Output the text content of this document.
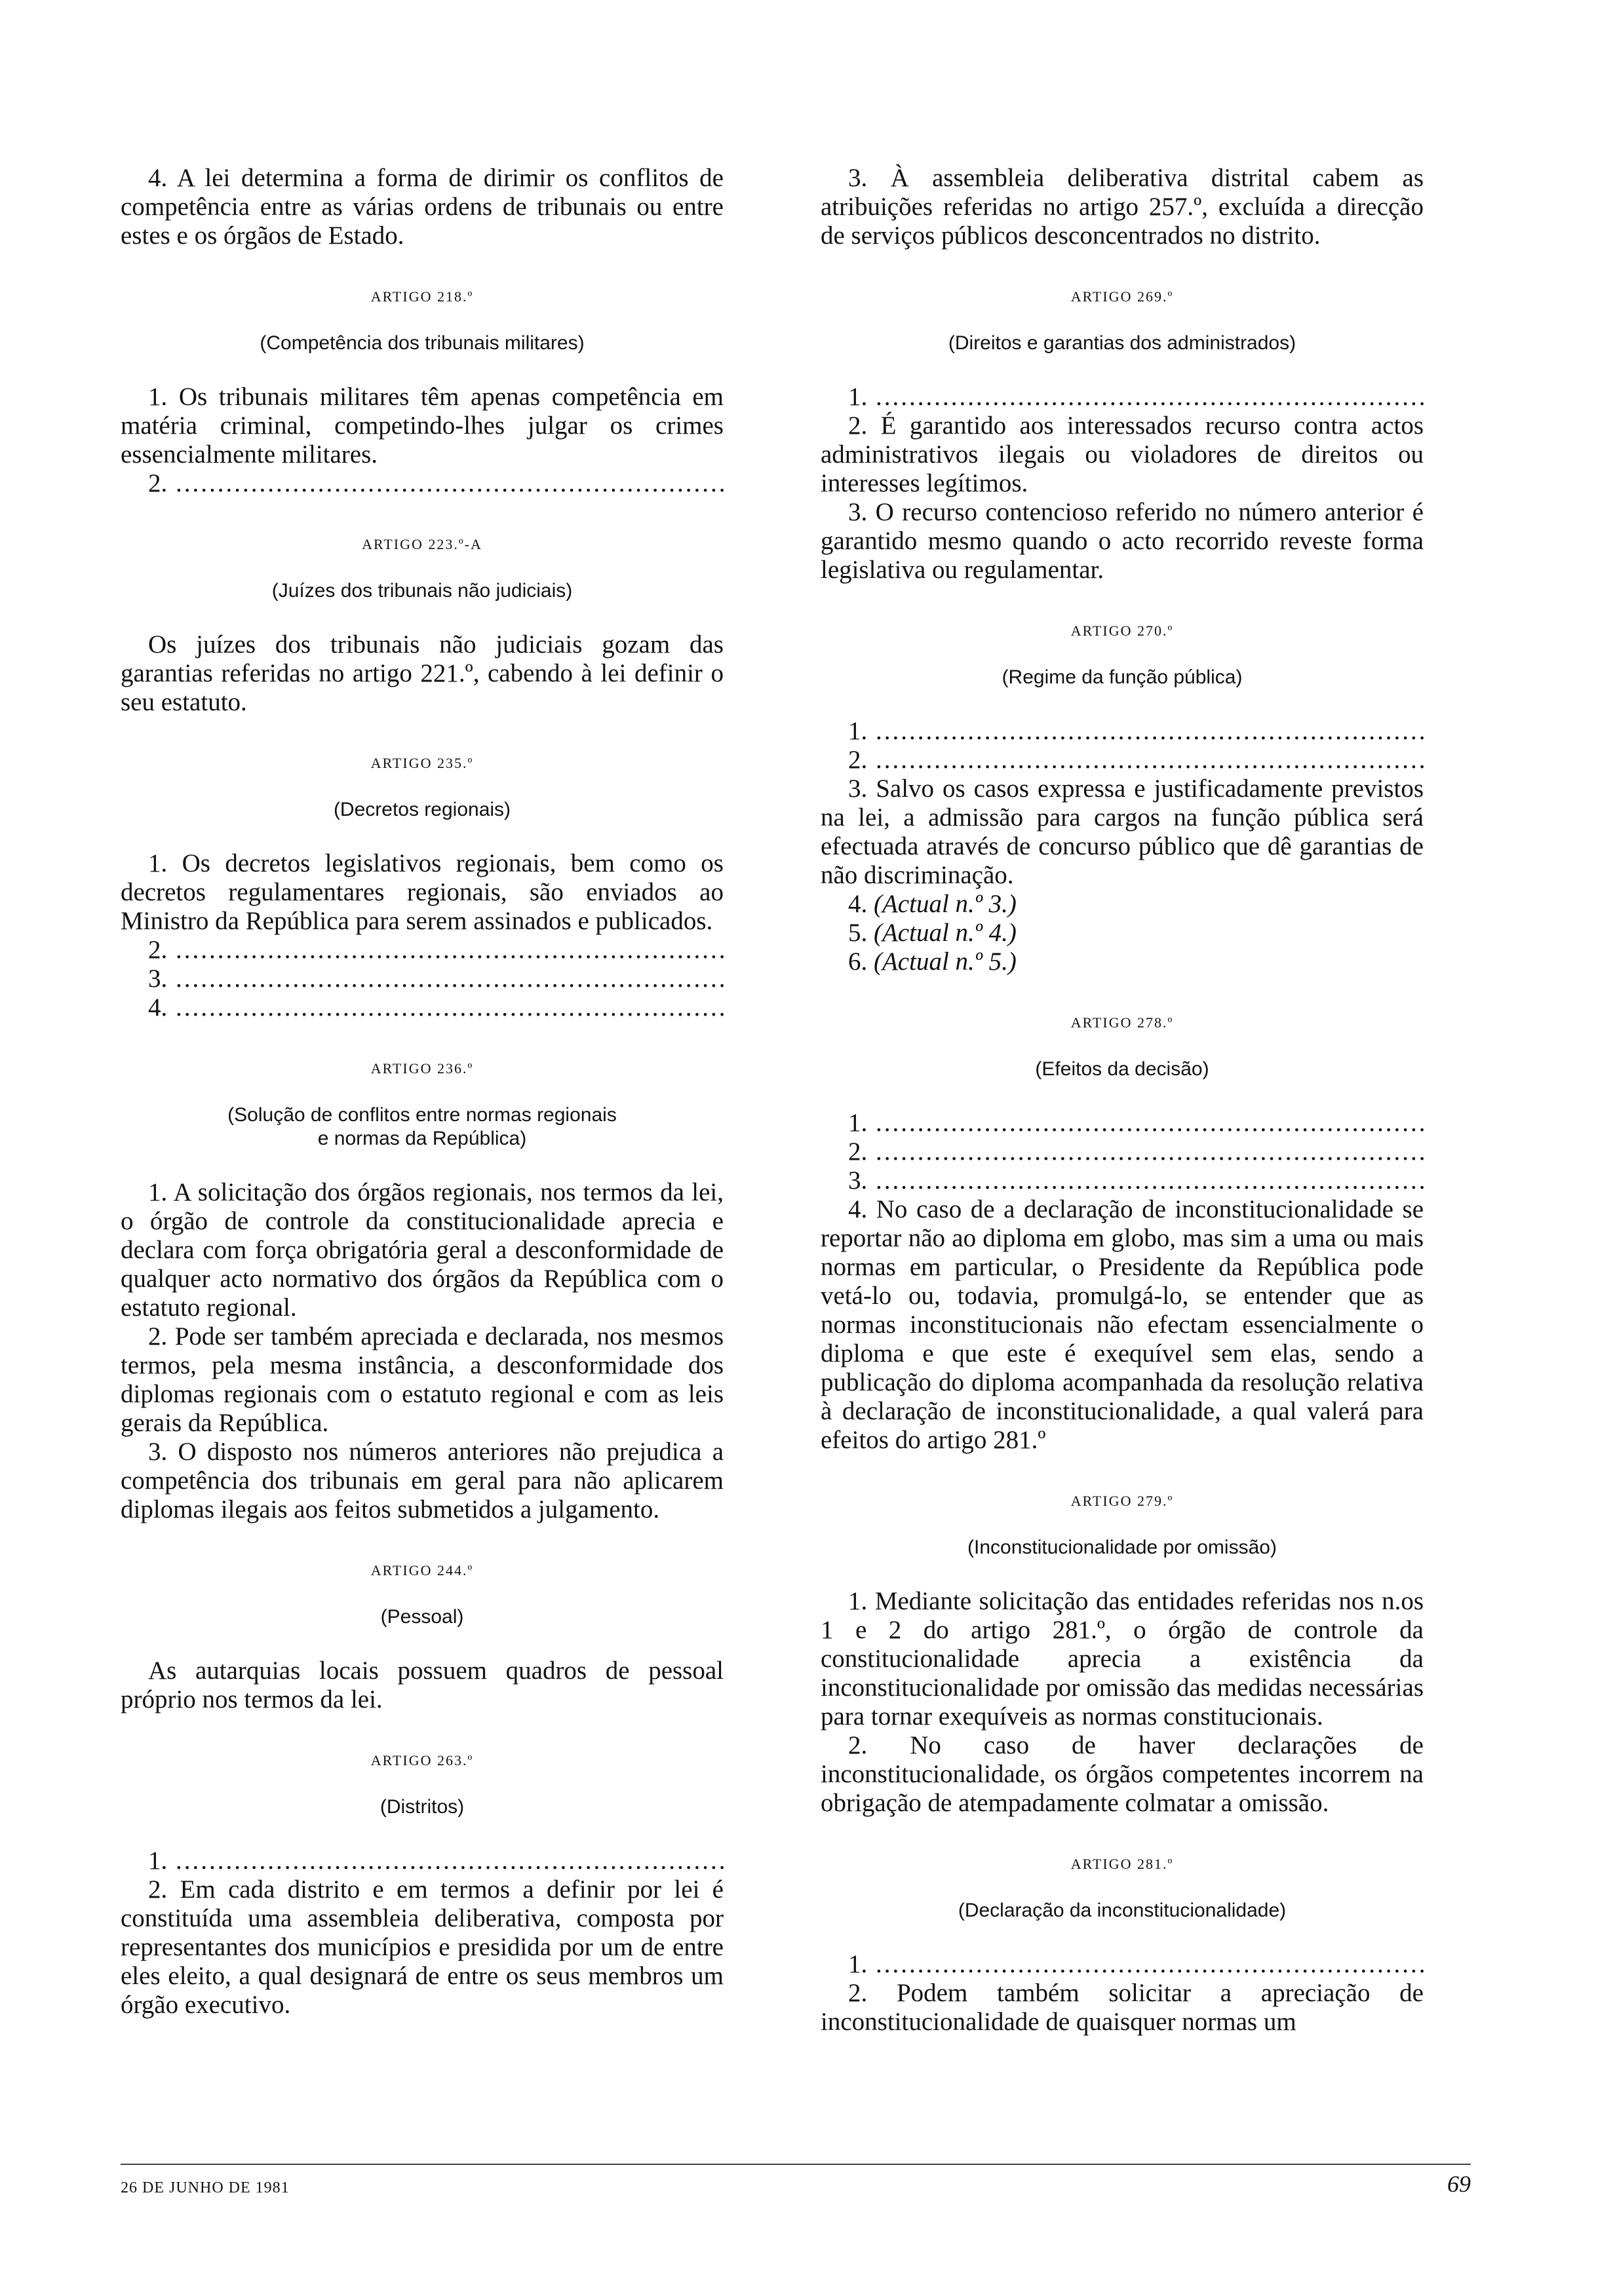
4. A lei determina a forma de dirimir os conflitos de competência entre as várias ordens de tribunais ou entre estes e os órgãos de Estado.

ARTIGO 218.º
(Competência dos tribunais militares)

1. Os tribunais militares têm apenas competência em matéria criminal, competindo-lhes julgar os crimes essencialmente militares.

2. .....

ARTIGO 223.º-A
(Juízes dos tribunais não judiciais)

Os juízes dos tribunais não judiciais gozam das garantias referidas no artigo 221.º, cabendo à lei definir o seu estatuto.

ARTIGO 235.º
(Decretos regionais)

1. Os decretos legislativos regionais, bem como os decretos regulamentares regionais, são enviados ao Ministro da República para serem assinados e publicados.

2. .....

3. .....

4. .....

ARTIGO 236.º
(Solução de conflitos entre normas regionais
e normas da República)

1. A solicitação dos órgãos regionais, nos termos da lei, o órgão de controle da constitucionalidade aprecia e declara com força obrigatória geral a desconformidade de qualquer acto normativo dos órgãos da República com o estatuto regional.

2. Pode ser também apreciada e declarada, nos mesmos termos, pela mesma instância, a desconformidade dos diplomas regionais com o estatuto regional e com as leis gerais da República.

3. O disposto nos números anteriores não prejudica a competência dos tribunais em geral para não aplicarem diplomas ilegais aos feitos submetidos a julgamento.

ARTIGO 244.º
(Pessoal)

As autarquias locais possuem quadros de pessoal próprio nos termos da lei.

ARTIGO 263.º
(Distritos)

1. .....

2. Em cada distrito e em termos a definir por lei é constituída uma assembleia deliberativa, composta por representantes dos municípios e presidida por um de entre eles eleito, a qual designará de entre os seus membros um órgão executivo.

3. À assembleia deliberativa distrital cabem as atribuições referidas no artigo 257.º, excluída a direcção de serviços públicos desconcentrados no distrito.

ARTIGO 269.º
(Direitos e garantias dos administrados)

1. .....

2. É garantido aos interessados recurso contra actos administrativos ilegais ou violadores de direitos ou interesses legítimos.

3. O recurso contencioso referido no número anterior é garantido mesmo quando o acto recorrido reveste forma legislativa ou regulamentar.

ARTIGO 270.º
(Regime da função pública)

1. .....

2. .....

3. Salvo os casos expressa e justificadamente previstos na lei, a admissão para cargos na função pública será efectuada através de concurso público que dê garantias de não discriminação.

4. (Actual n.º 3.)

5. (Actual n.º 4.)

6. (Actual n.º 5.)

ARTIGO 278.º
(Efeitos da decisão)

1. .....

2. .....

3. .....

4. No caso de a declaração de inconstitucionalidade se reportar não ao diploma em globo, mas sim a uma ou mais normas em particular, o Presidente da República pode vetá-lo ou, todavia, promulgá-lo, se entender que as normas inconstitucionais não efectam essencialmente o diploma e que este é exequível sem elas, sendo a publicação do diploma acompanhada da resolução relativa à declaração de inconstitucionalidade, a qual valerá para efeitos do artigo 281.º

ARTIGO 279.º
(Inconstitucionalidade por omissão)

1. Mediante solicitação das entidades referidas nos n.os 1 e 2 do artigo 281.º, o órgão de controle da constitucionalidade aprecia a existência da inconstitucionalidade por omissão das medidas necessárias para tornar exequíveis as normas constitucionais.

2. No caso de haver declarações de inconstitucionalidade, os órgãos competentes incorrem na obrigação de atempadamente colmatar a omissão.

ARTIGO 281.º
(Declaração da inconstitucionalidade)

1. .....

2. Podem também solicitar a apreciação de inconstitucionalidade de quaisquer normas um

26 DE JUNHO DE 1981	69
